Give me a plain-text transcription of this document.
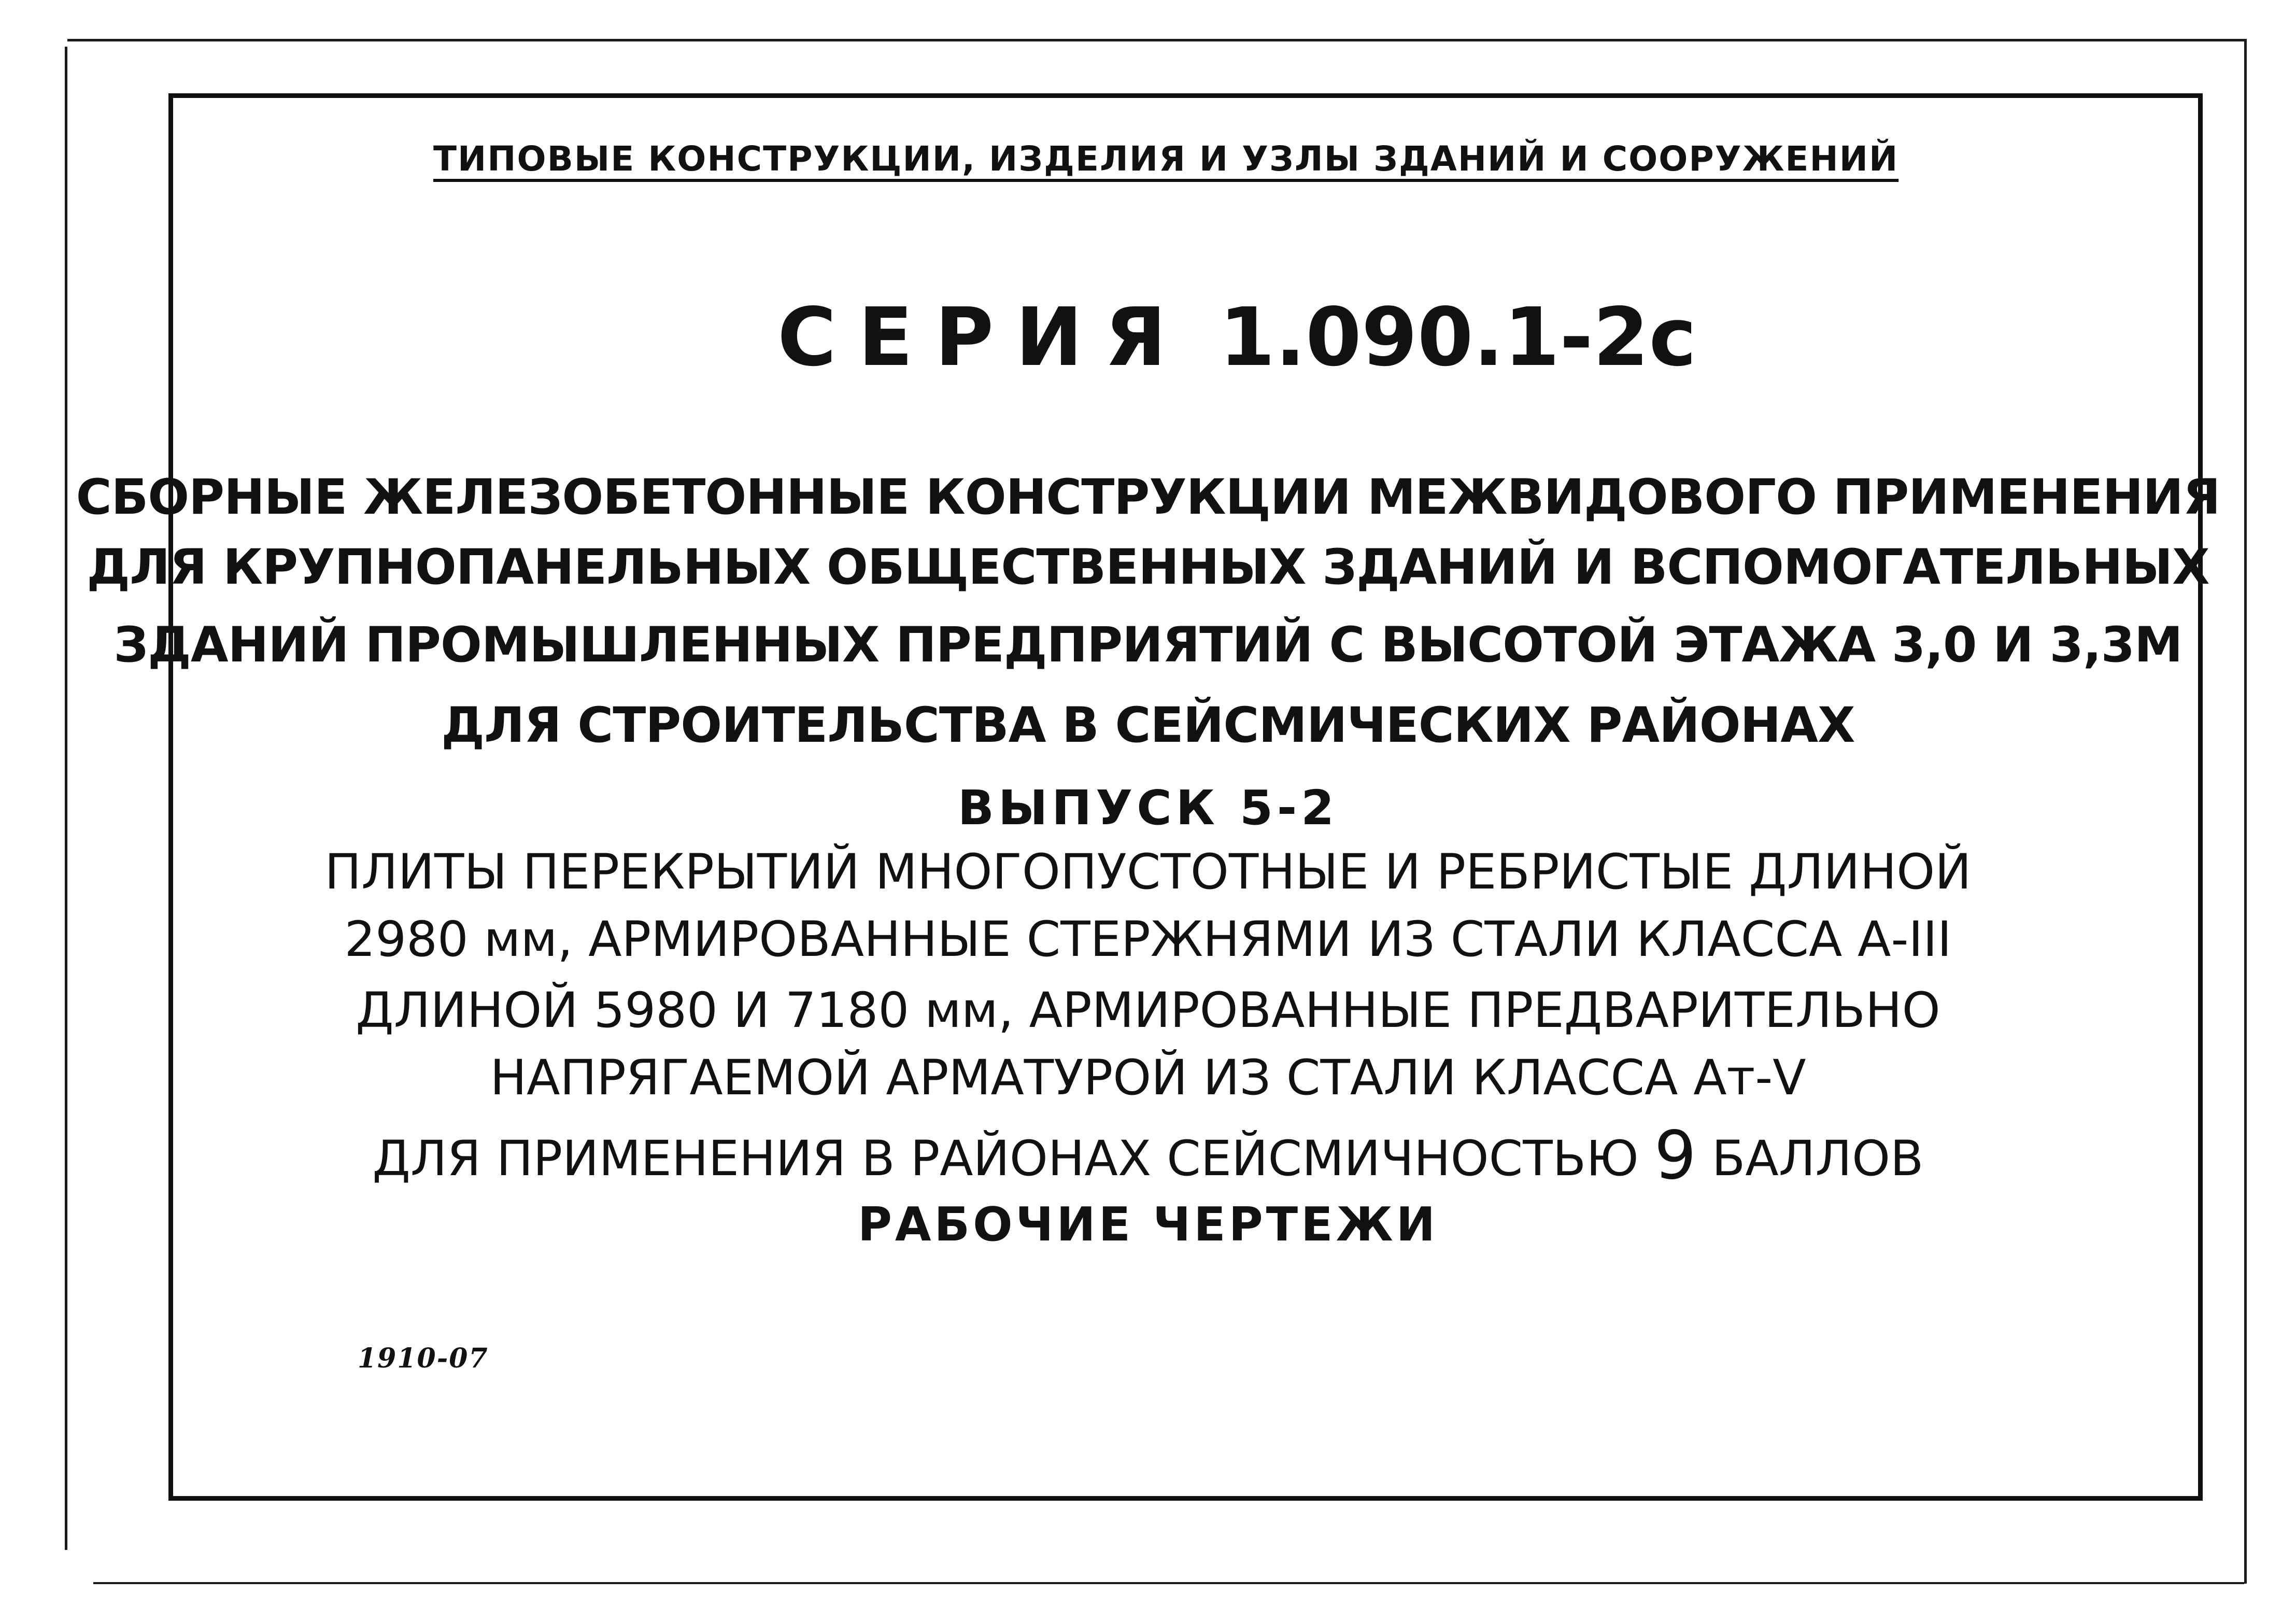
ТИПОВЫЕ КОНСТРУКЦИИ, ИЗДЕЛИЯ И УЗЛЫ ЗДАНИЙ И СООРУЖЕНИЙ
СЕРИЯ 1.090.1-2с
СБОРНЫЕ ЖЕЛЕЗОБЕТОННЫЕ КОНСТРУКЦИИ МЕЖВИДОВОГО ПРИМЕНЕНИЯ
ДЛЯ КРУПНОПАНЕЛЬНЫХ ОБЩЕСТВЕННЫХ ЗДАНИЙ И ВСПОМОГАТЕЛЬНЫХ
ЗДАНИЙ ПРОМЫШЛЕННЫХ ПРЕДПРИЯТИЙ С ВЫСОТОЙ ЭТАЖА 3,0 И 3,3М
ДЛЯ СТРОИТЕЛЬСТВА В СЕЙСМИЧЕСКИХ РАЙОНАХ
ВЫПУСК 5-2
ПЛИТЫ ПЕРЕКРЫТИЙ МНОГОПУСТОТНЫЕ И РЕБРИСТЫЕ ДЛИНОЙ
2980 мм, АРМИРОВАННЫЕ СТЕРЖНЯМИ ИЗ СТАЛИ КЛАССА А-III
ДЛИНОЙ 5980 И 7180 мм, АРМИРОВАННЫЕ ПРЕДВАРИТЕЛЬНО
НАПРЯГАЕМОЙ АРМАТУРОЙ ИЗ СТАЛИ КЛАССА Ат-V
ДЛЯ ПРИМЕНЕНИЯ В РАЙОНАХ СЕЙСМИЧНОСТЬЮ 9 БАЛЛОВ
РАБОЧИЕ ЧЕРТЕЖИ
1910-07
